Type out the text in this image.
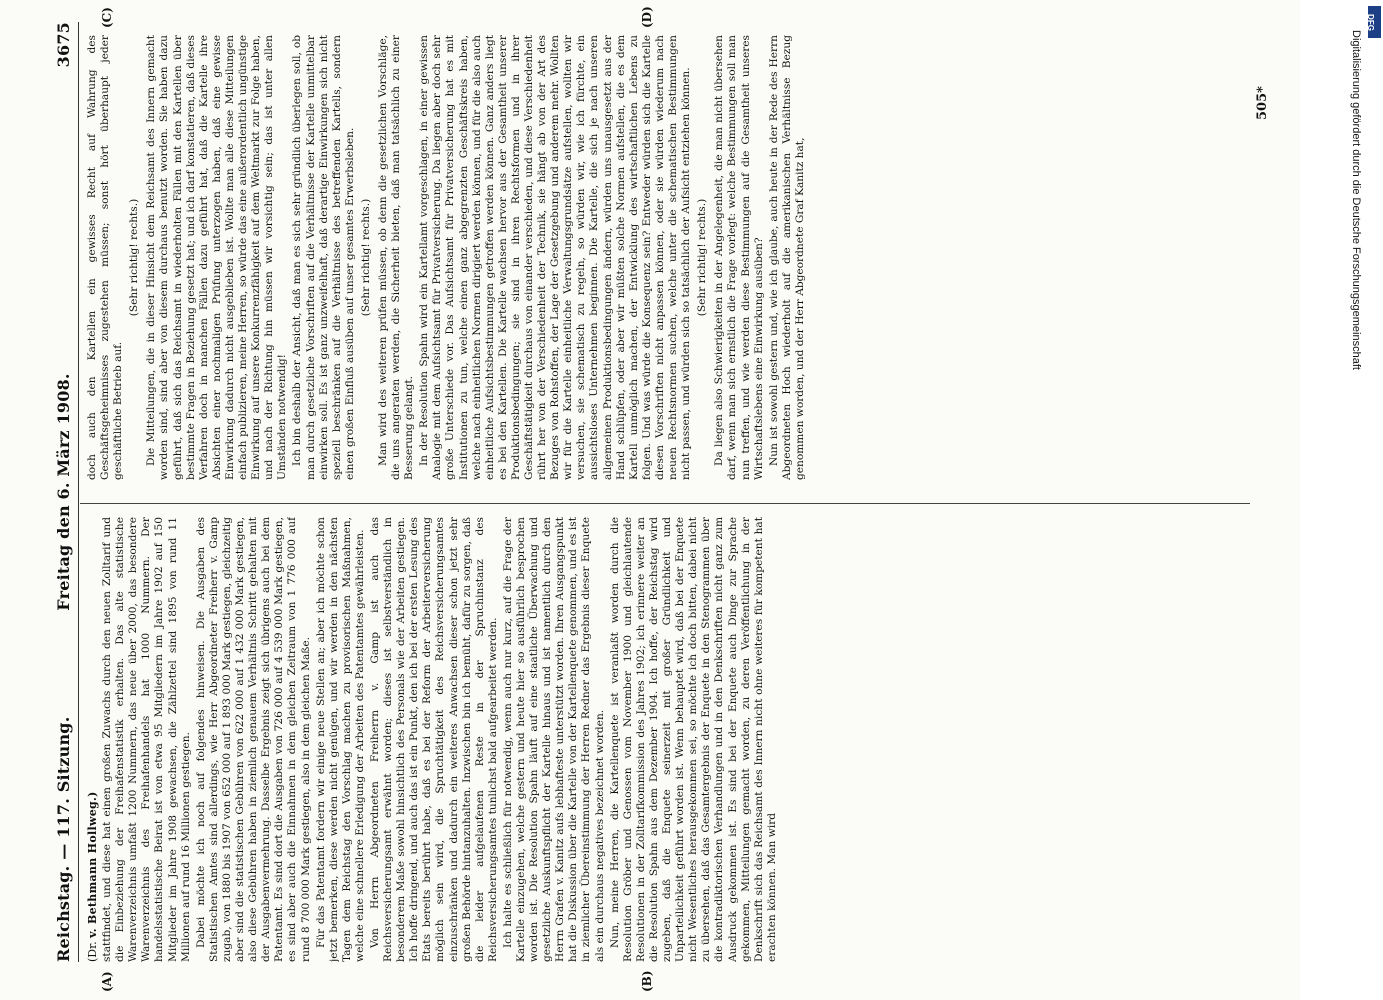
Reichstag. — 117. Sitzung.
Freitag den 6. März 1908.
3675
(A)	(B)
(C)	(D)
(Dr. v. Bethmann Hollweg.) stattfindet, und diese hat einen großen Zuwachs durch den neuen Zolltarif und die Einbeziehung der Freihafenstatistik erhalten. Das alte statistische Warenverzeichnis umfaßt 1200 Nummern, das neue über 2000, das besondere Warenverzeichnis des Freihafenhandels hat 1000 Nummern. Der handelsstatistische Beirat ist von etwa 95 Mitgliedern im Jahre 1902 auf 150 Mitglieder im Jahre 1908 gewachsen, die Zählzettel sind 1895 von rund 11 Millionen auf rund 16 Millionen gestiegen. Dabei möchte ich noch auf folgendes hinweisen. Die Ausgaben des Statistischen Amtes sind allerdings, wie Herr Abgeordneter Freiherr v. Gamp zugab, von 1880 bis 1907 von 652 000 auf 1 893 000 Mark gestiegen, gleichzeitig aber sind die statistischen Gebühren von 622 000 auf 1 432 000 Mark gestiegen, also diese Gebühren haben in ziemlich genauem Verhältnis Schritt gehalten mit der Ausgabenvermehrung. Dasselbe Ergebnis zeigt sich übrigens auch bei dem Patentamt. Es sind dort die Ausgaben von 726 000 auf 4 539 000 Mark gestiegen, es sind aber auch die Einnahmen in dem gleichen Zeitraum von 1 776 000 auf rund 8 700 000 Mark gestiegen, also in dem gleichen Maße. Für das Patentamt fordern wir einige neue Stellen an; aber ich möchte schon jetzt bemerken, diese werden nicht genügen, und wir werden in den nächsten Tagen dem Reichstag den Vorschlag machen zu provisorischen Maßnahmen, welche eine schnellere Erledigung der Arbeiten des Patentamtes gewährleisten. Von Herrn Abgeordneten Freiherrn v. Gamp ist auch das Reichsversicherungsamt erwähnt worden; dieses ist selbstverständlich in besonderem Maße sowohl hinsichtlich des Personals wie der Arbeiten gestiegen. Ich hoffe dringend, und auch das ist ein Punkt, den ich bei der ersten Lesung des Etats bereits berührt habe, daß es bei der Reform der Arbeiterversicherung möglich sein wird, die Spruchtätigkeit des Reichsversicherungsamtes einzuschränken und dadurch ein weiteres Anwachsen dieser schon jetzt sehr großen Behörde hintanzuhalten. Inzwischen bin ich bemüht, dafür zu sorgen, daß die leider aufgelaufenen Reste in der Spruchinstanz des Reichsversicherungsamtes tunlichst bald aufgearbeitet werden. Ich halte es schließlich für notwendig, wenn auch nur kurz, auf die Frage der Kartelle einzugehen, welche gestern und heute hier so ausführlich besprochen worden ist. Die Resolution Spahn läuft auf eine staatliche Überwachung und gesetzliche Auskunftspflicht der Kartelle hinaus und ist namentlich durch den Herrn Grafen v. Kanitz aufs lebhafteste unterstützt worden. Ihren Ausgangspunkt hat die Diskussion über die Kartelle von der Kartellenquete genommen, und es ist in ziemlicher Übereinstimmung der Herren Redner das Ergebnis dieser Enquete als ein durchaus negatives bezeichnet worden. Nun, meine Herren, die Kartellenquete ist veranlaßt worden durch die Resolution Gröber und Genossen vom November 1900 und gleichlautende Resolutionen in der Zolltarifkommission des Jahres 1902; ich erinnere weiter an die Resolution Spahn aus dem Dezember 1904. Ich hoffe, der Reichstag wird zugeben, daß die Enquete seinerzeit mit großer Gründlichkeit und Unparteilichkeit geführt worden ist. Wenn behauptet wird, daß bei der Enquete nicht Wesentliches herausgekommen sei, so möchte ich doch bitten, dabei nicht zu übersehen, daß das Gesamtergebnis der Enquete in den Stenogrammen über die kontradiktorischen Verhandlungen und in den Denkschriften nicht ganz zum Ausdruck gekommen ist. Es sind bei der Enquete auch Dinge zur Sprache gekommen, Mitteilungen gemacht worden, zu deren Veröffentlichung in der Denkschrift sich das Reichsamt des Innern nicht ohne weiteres für kompetent hat erachten können. Man wird

doch auch den Kartellen ein gewisses Recht auf Wahrung des Geschäftsgeheimnisses zugestehen müssen; sonst hört überhaupt jeder geschäftliche Betrieb auf.

(Sehr richtig! rechts.) Die Mitteilungen, die in dieser Hinsicht dem Reichsamt des Innern gemacht worden sind, sind aber von diesem durchaus benutzt worden. Sie haben dazu geführt, daß sich das Reichsamt in wiederholten Fällen mit den Kartellen über bestimmte Fragen in Beziehung gesetzt hat; und ich darf konstatieren, daß dieses Verfahren doch in manchen Fällen dazu geführt hat, daß die Kartelle ihre Absichten einer nochmaligen Prüfung unterzogen haben, daß eine gewisse Einwirkung dadurch nicht ausgeblieben ist. Wollte man alle diese Mitteilungen einfach publizieren, meine Herren, so würde das eine außerordentlich ungünstige Einwirkung auf unsere Konkurrenzfähigkeit auf dem Weltmarkt zur Folge haben, und nach der Richtung hin müssen wir vorsichtig sein; das ist unter allen Umständen notwendig! Ich bin deshalb der Ansicht, daß man es sich sehr gründlich überlegen soll, ob man durch gesetzliche Vorschriften auf die Verhältnisse der Kartelle unmittelbar einwirken soll. Es ist ganz unzweifelhaft, daß derartige Einwirkungen sich nicht speziell beschränken auf die Verhältnisse des betreffenden Kartells, sondern einen großen Einfluß ausüben auf unser gesamtes Erwerbsleben. (Sehr richtig! rechts.) Man wird des weiteren prüfen müssen, ob denn die gesetzlichen Vorschläge, die uns angeraten werden, die Sicherheit bieten, daß man tatsächlich zu einer Besserung gelangt. In der Resolution Spahn wird ein Kartellamt vorgeschlagen, in einer gewissen Analogie mit dem Aufsichtsamt für Privatversicherung. Da liegen aber doch sehr große Unterschiede vor. Das Aufsichtsamt für Privatversicherung hat es mit Institutionen zu tun, welche einen ganz abgegrenzten Geschäftskreis haben, welche nach einheitlichen Normen dirigiert werden können, und für die also auch einheitliche Aufsichtsbestimmungen getroffen werden können. Ganz anders liegt es bei den Kartellen. Die Kartelle wachsen hervor aus der Gesamtheit unserer Produktionsbedingungen; sie sind in ihren Rechtsformen und in ihrer Geschäftstätigkeit durchaus von einander verschieden, und diese Verschiedenheit rührt her von der Verschiedenheit der Technik, sie hängt ab von der Art des Bezuges von Rohstoffen, der Lage der Gesetzgebung und anderem mehr. Wollten wir für die Kartelle einheitliche Verwaltungsgrundsätze aufstellen, wollten wir versuchen, sie schematisch zu regeln, so würden wir, wie ich fürchte, ein aussichtsloses Unternehmen beginnen. Die Kartelle, die sich je nach unseren allgemeinen Produktionsbedingungen ändern, würden uns unausgesetzt aus der Hand schlüpfen, oder aber wir müßten solche Normen aufstellen, die es dem Kartell unmöglich machen, der Entwicklung des wirtschaftlichen Lebens zu folgen. Und was würde die Konsequenz sein? Entweder würden sich die Kartelle diesen Vorschriften nicht anpassen können, oder sie würden wiederum nach neuen Rechtsnormen suchen, welche unter die schematischen Bestimmungen nicht passen, und würden sich so tatsächlich der Aufsicht entziehen können. (Sehr richtig! rechts.) Da liegen also Schwierigkeiten in der Angelegenheit, die man nicht übersehen darf, wenn man sich ernstlich die Frage vorlegt: welche Bestimmungen soll man nun treffen, und wie werden diese Bestimmungen auf die Gesamtheit unseres Wirtschaftslebens eine Einwirkung ausüben? Nun ist sowohl gestern und, wie ich glaube, auch heute in der Rede des Herrn Abgeordneten Hoch wiederholt auf die amerikanischen Verhältnisse Bezug genommen worden, und der Herr Abgeordnete Graf Kanitz hat,

505*
DFG
Digitalisierung gefördert durch die Deutsche Forschungsgemeinschaft
